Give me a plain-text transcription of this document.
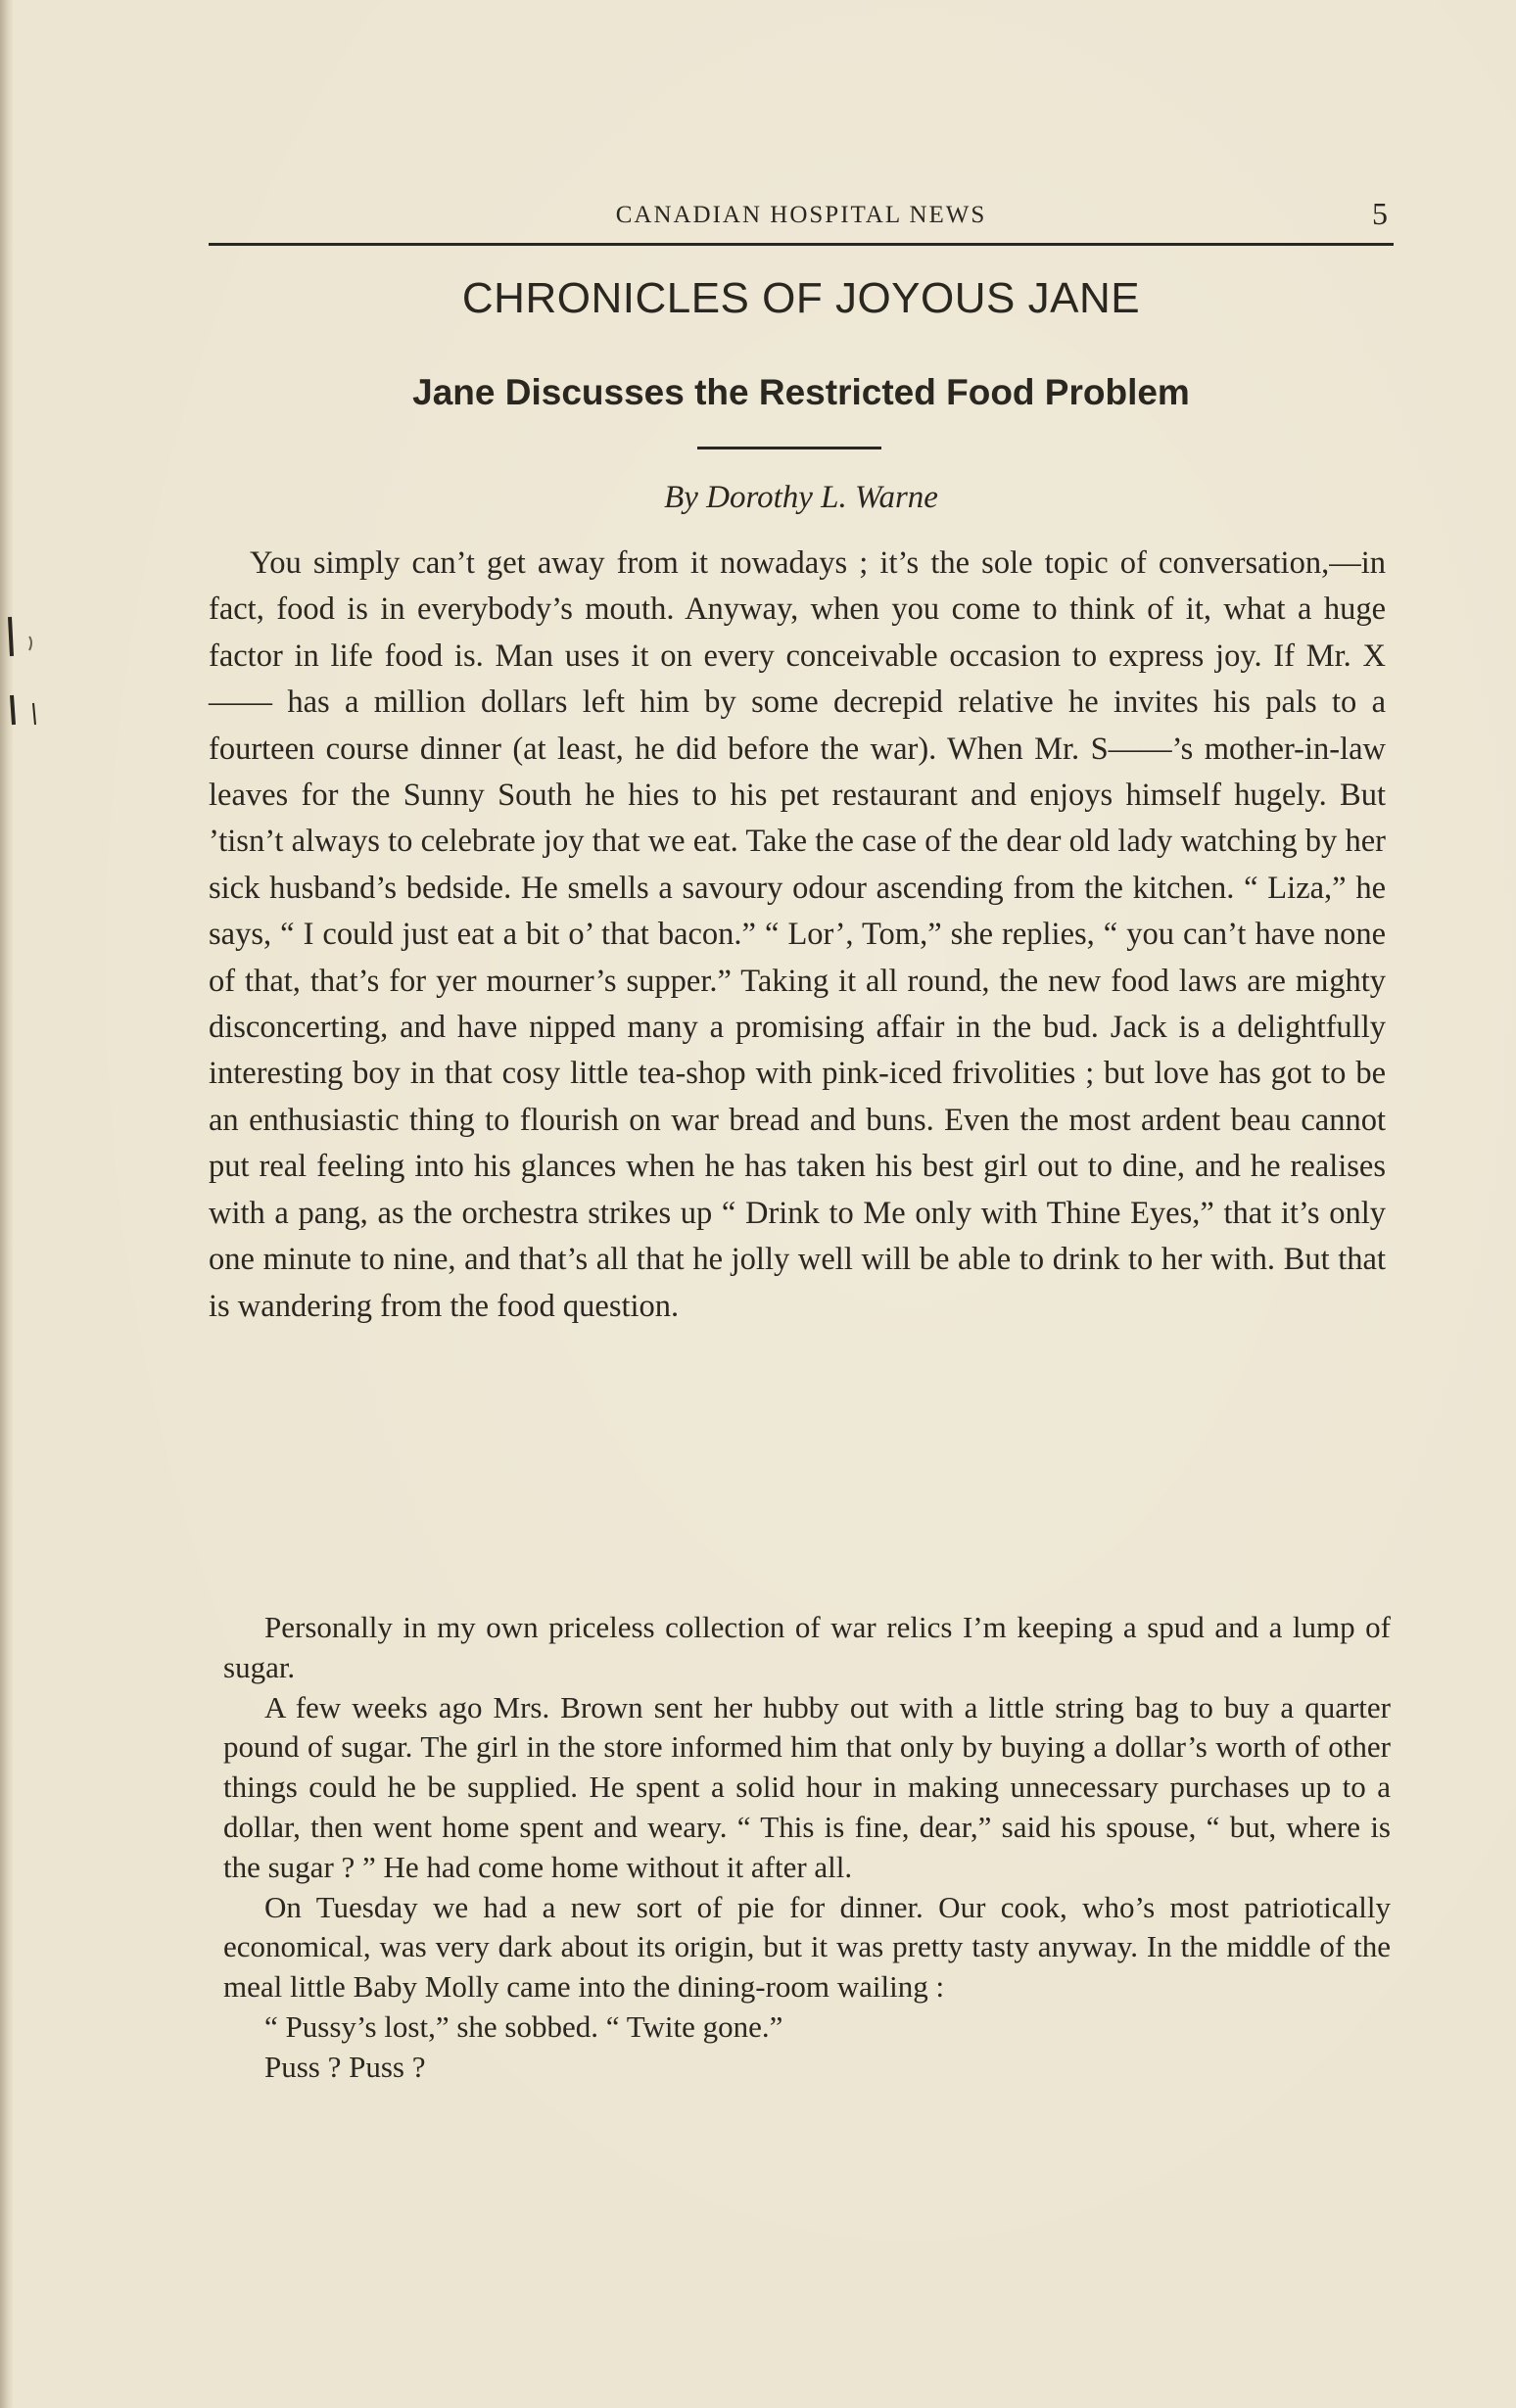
CANADIAN HOSPITAL NEWS	5
CHRONICLES OF JOYOUS JANE
Jane Discusses the Restricted Food Problem
By Dorothy L. Warne

You simply can’t get away from it nowadays ; it’s the sole topic of conversation,—in fact, food is in everybody’s mouth. Anyway, when you come to think of it, what a huge factor in life food is. Man uses it on every conceivable occasion to express joy. If Mr. X—— has a million dollars left him by some decrepid relative he invites his pals to a fourteen course dinner (at least, he did before the war). When Mr. S——’s mother-in-law leaves for the Sunny South he hies to his pet restaurant and enjoys himself hugely. But ’tisn’t always to celebrate joy that we eat. Take the case of the dear old lady watching by her sick husband’s bedside. He smells a savoury odour ascending from the kitchen. “ Liza,” he says, “ I could just eat a bit o’ that bacon.” “ Lor’, Tom,” she replies, “ you can’t have none of that, that’s for yer mourner’s supper.” Taking it all round, the new food laws are mighty disconcerting, and have nipped many a promising affair in the bud. Jack is a delightfully interesting boy in that cosy little tea-shop with pink-iced frivolities ; but love has got to be an enthusiastic thing to flourish on war bread and buns. Even the most ardent beau cannot put real feeling into his glances when he has taken his best girl out to dine, and he realises with a pang, as the orchestra strikes up “ Drink to Me only with Thine Eyes,” that it’s only one minute to nine, and that’s all that he jolly well will be able to drink to her with. But that is wandering from the food question.

Personally in my own priceless collection of war relics I’m keeping a spud and a lump of sugar.

A few weeks ago Mrs. Brown sent her hubby out with a little string bag to buy a quarter pound of sugar. The girl in the store informed him that only by buying a dollar’s worth of other things could he be supplied. He spent a solid hour in making unnecessary purchases up to a dollar, then went home spent and weary. “ This is fine, dear,” said his spouse, “ but, where is the sugar ? ” He had come home without it after all.

On Tuesday we had a new sort of pie for dinner. Our cook, who’s most patriotically economical, was very dark about its origin, but it was pretty tasty anyway. In the middle of the meal little Baby Molly came into the dining-room wailing :

“ Pussy’s lost,” she sobbed. “ Twite gone.”

Puss ? Puss ?
